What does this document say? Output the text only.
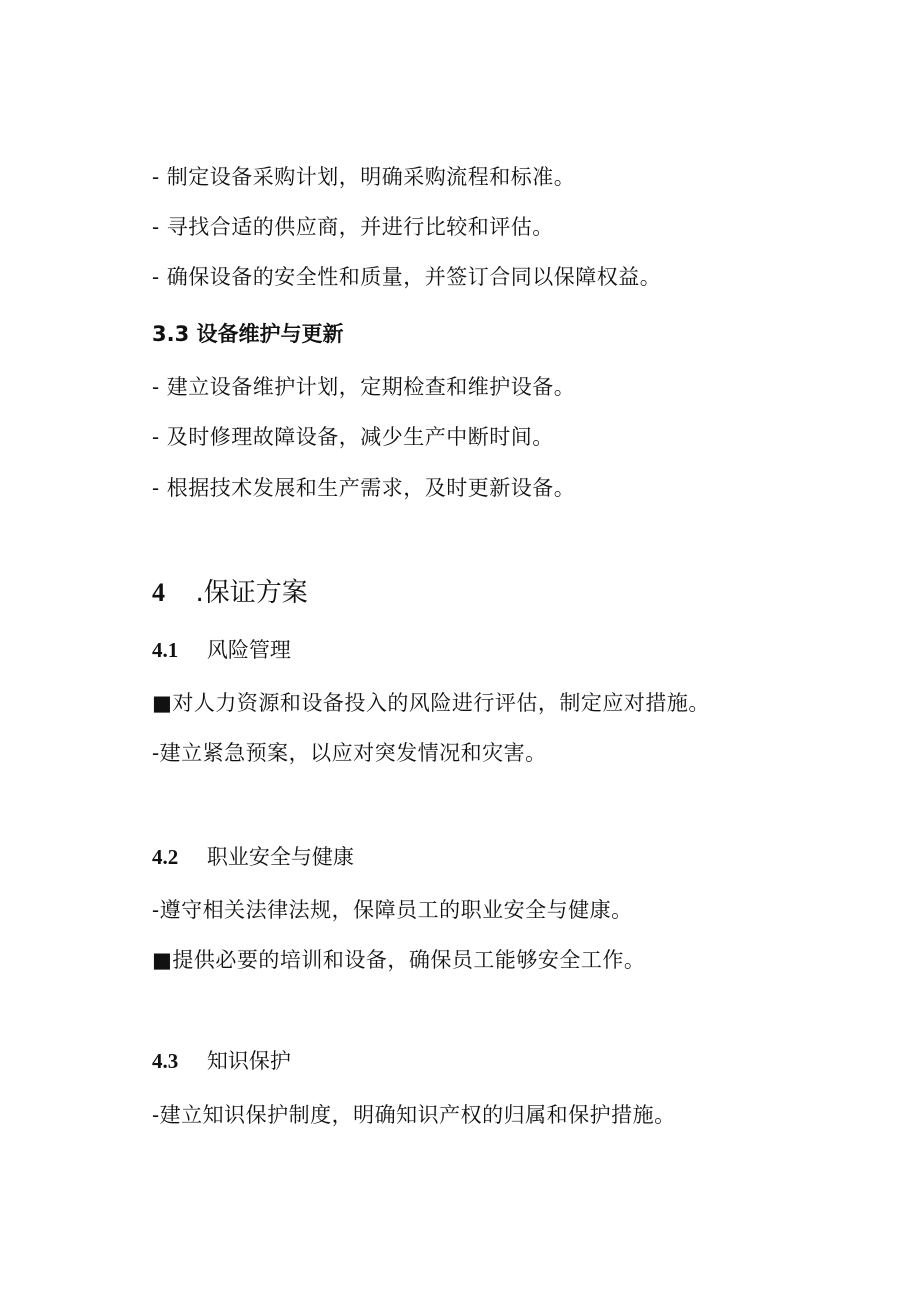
- 制定设备采购计划，明确采购流程和标准。
- 寻找合适的供应商，并进行比较和评估。
- 确保设备的安全性和质量，并签订合同以保障权益。
3.3 设备维护与更新
- 建立设备维护计划，定期检查和维护设备。
- 及时修理故障设备，减少生产中断时间。
- 根据技术发展和生产需求，及时更新设备。
4 .保证方案
4.1 风险管理
■对人力资源和设备投入的风险进行评估，制定应对措施。
-建立紧急预案，以应对突发情况和灾害。
4.2 职业安全与健康
-遵守相关法律法规，保障员工的职业安全与健康。
■提供必要的培训和设备，确保员工能够安全工作。
4.3 知识保护
-建立知识保护制度，明确知识产权的归属和保护措施。
